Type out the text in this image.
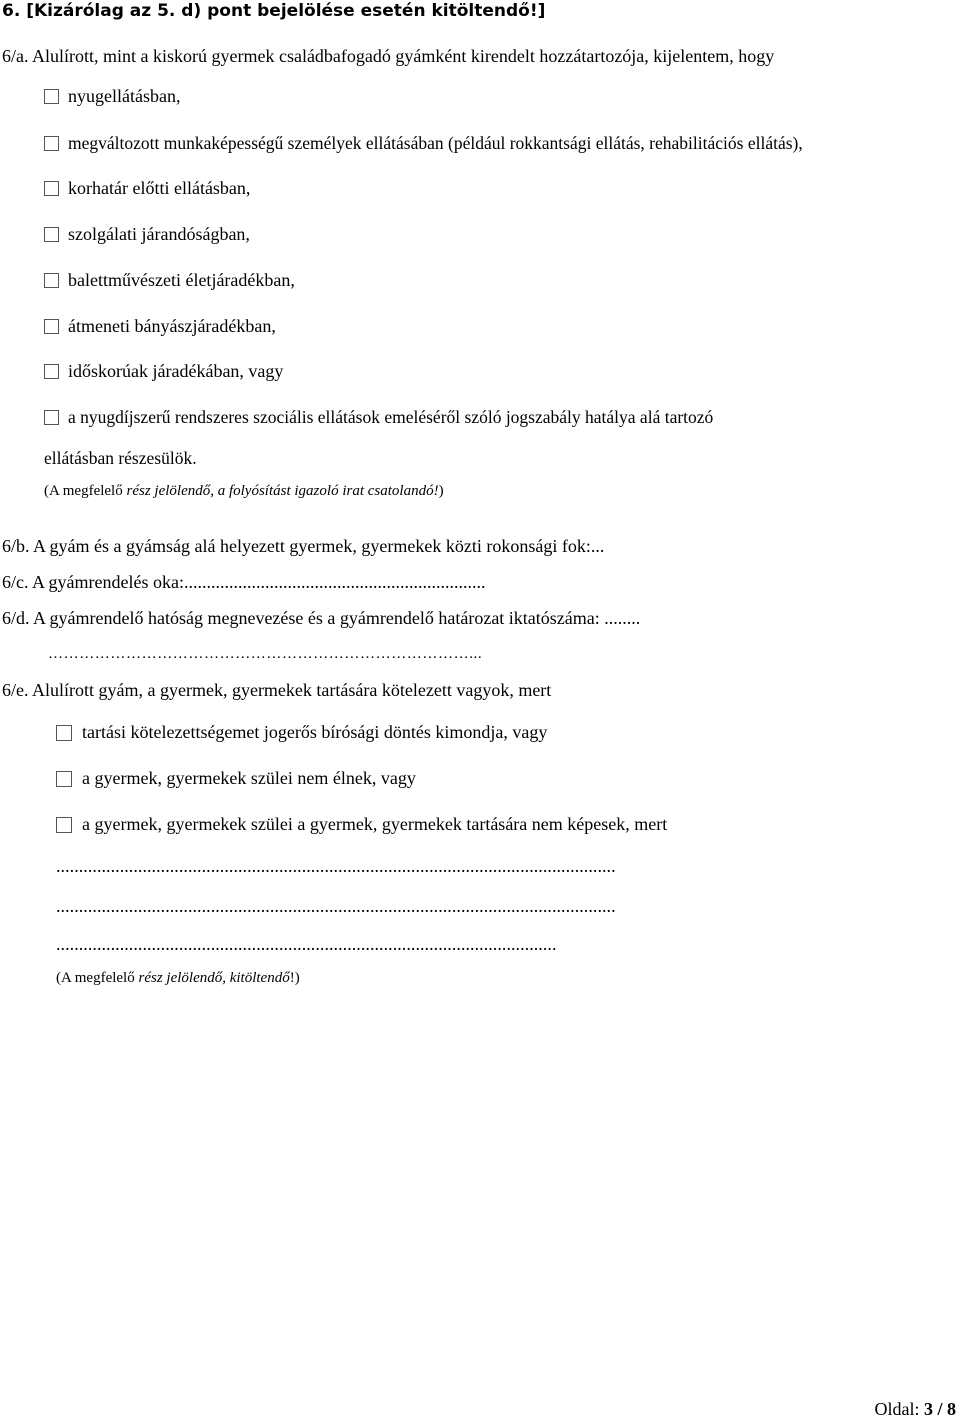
6. [Kizárólag az 5. d) pont bejelölése esetén kitöltendő!]
6/a. Alulírott, mint a kiskorú gyermek családbafogadó gyámként kirendelt hozzátartozója, kijelentem, hogy
nyugellátásban,
megváltozott munkaképességű személyek ellátásában (például rokkantsági ellátás, rehabilitációs ellátás),
korhatár előtti ellátásban,
szolgálati járandóságban,
balettművészeti életjáradékban,
átmeneti bányászjáradékban,
időskorúak járadékában, vagy
a nyugdíjszerű rendszeres szociális ellátások emeléséről szóló jogszabály hatálya alá tartozó
ellátásban részesülök.
(A megfelelő rész jelölendő, a folyósítást igazoló irat csatolandó!)
6/b. A gyám és a gyámság alá helyezett gyermek, gyermekek közti rokonsági fok:...
6/c. A gyámrendelés oka:...................................................................
6/d. A gyámrendelő hatóság megnevezése és a gyámrendelő határozat iktatószáma: ........
………………………………………………………………………...
6/e. Alulírott gyám, a gyermek, gyermekek tartására kötelezett vagyok, mert
tartási kötelezettségemet jogerős bírósági döntés kimondja, vagy
a gyermek, gyermekek szülei nem élnek, vagy
a gyermek, gyermekek szülei a gyermek, gyermekek tartására nem képesek, mert
...........................................................................................................................
...........................................................................................................................
..............................................................................................................
(A megfelelő rész jelölendő, kitöltendő!)
Oldal: 3 / 8
